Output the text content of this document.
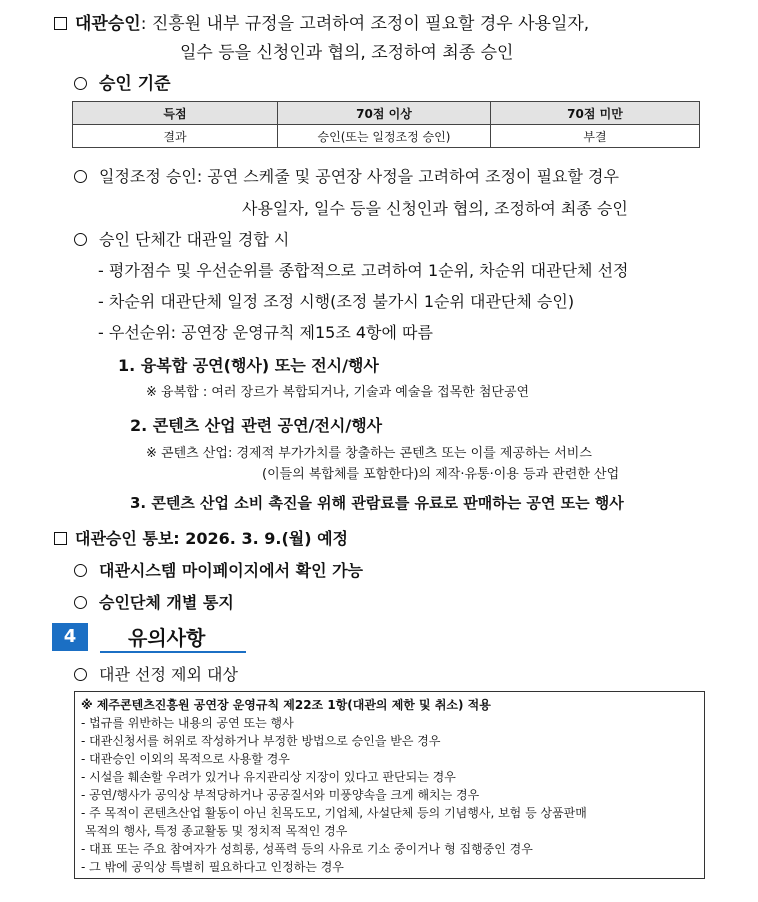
대관승인: 진흥원 내부 규정을 고려하여 조정이 필요할 경우 사용일자,
일수 등을 신청인과 협의, 조정하여 최종 승인
승인 기준
득점	70점 이상	70점 미만
결과	승인(또는 일정조정 승인)	부결
일정조정 승인: 공연 스케줄 및 공연장 사정을 고려하여 조정이 필요할 경우
사용일자, 일수 등을 신청인과 협의, 조정하여 최종 승인
승인 단체간 대관일 경합 시
- 평가점수 및 우선순위를 종합적으로 고려하여 1순위, 차순위 대관단체 선정
- 차순위 대관단체 일정 조정 시행(조정 불가시 1순위 대관단체 승인)
- 우선순위: 공연장 운영규칙 제15조 4항에 따름
1. 융복합 공연(행사) 또는 전시/행사
※ 융복합 : 여러 장르가 복합되거나, 기술과 예술을 접목한 첨단공연
2. 콘텐츠 산업 관련 공연/전시/행사
※ 콘텐츠 산업: 경제적 부가가치를 창출하는 콘텐츠 또는 이를 제공하는 서비스
(이들의 복합체를 포함한다)의 제작·유통·이용 등과 관련한 산업
3. 콘텐츠 산업 소비 촉진을 위해 관람료를 유료로 판매하는 공연 또는 행사
대관승인 통보: 2026. 3. 9.(월) 예정
대관시스템 마이페이지에서 확인 가능
승인단체 개별 통지
4	유의사항
대관 선정 제외 대상
※ 제주콘텐츠진흥원 공연장 운영규칙 제22조 1항(대관의 제한 및 취소) 적용
- 법규를 위반하는 내용의 공연 또는 행사
- 대관신청서를 허위로 작성하거나 부정한 방법으로 승인을 받은 경우
- 대관승인 이외의 목적으로 사용할 경우
- 시설을 훼손할 우려가 있거나 유지관리상 지장이 있다고 판단되는 경우
- 공연/행사가 공익상 부적당하거나 공공질서와 미풍양속을 크게 해치는 경우
- 주 목적이 콘텐츠산업 활동이 아닌 친목도모, 기업체, 사설단체 등의 기념행사, 보험 등 상품판매
목적의 행사, 특정 종교활동 및 정치적 목적인 경우
- 대표 또는 주요 참여자가 성희롱, 성폭력 등의 사유로 기소 중이거나 형 집행중인 경우
- 그 밖에 공익상 특별히 필요하다고 인정하는 경우
